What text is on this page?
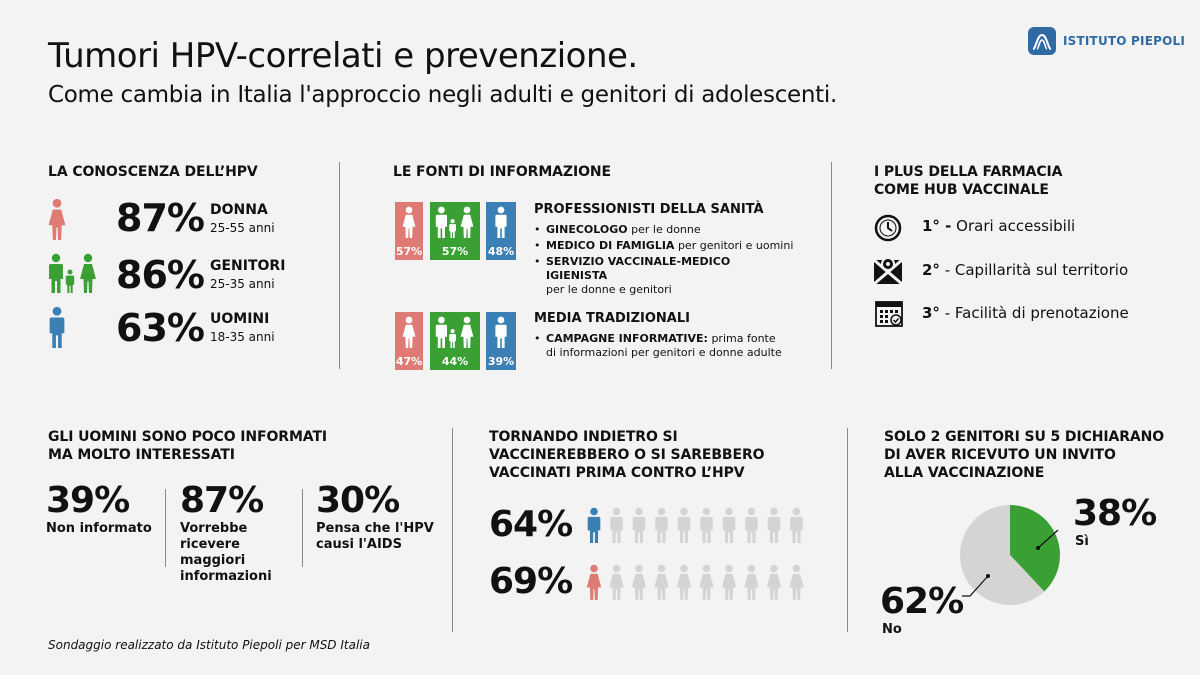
Tumori HPV-correlati e prevenzione.
Come cambia in Italia l'approccio negli adulti e genitori di adolescenti.
ISTITUTO PIEPOLI
LA CONOSCENZA DELL’HPV
87% DONNA
25-55 anni
86% GENITORI
25-35 anni
63% UOMINI
18-35 anni
LE FONTI DI INFORMAZIONE
57%	57%	48%
PROFESSIONISTI DELLA SANITÀ
• GINECOLOGO per le donne
• MEDICO DI FAMIGLIA per genitori e uomini
• SERVIZIO VACCINALE-MEDICO IGIENISTA
per le donne e genitori
47%	44%	39%
MEDIA TRADIZIONALI
• CAMPAGNE INFORMATIVE: prima fonte di informazioni per genitori e donne adulte
I PLUS DELLA FARMACIA
COME HUB VACCINALE
1° - Orari accessibili
2° - Capillarità sul territorio
3° - Facilità di prenotazione
GLI UOMINI SONO POCO INFORMATI
MA MOLTO INTERESSATI
39%
Non informato
87%
Vorrebbe ricevere maggiori informazioni
30%
Pensa che l'HPV causi l'AIDS
TORNANDO INDIETRO SI
VACCINEREBBERO O SI SAREBBERO
VACCINATI PRIMA CONTRO L’HPV
64%
69%
SOLO 2 GENITORI SU 5 DICHIARANO
DI AVER RICEVUTO UN INVITO
ALLA VACCINAZIONE
38%
Sì
62%
No
Sondaggio realizzato da Istituto Piepoli per MSD Italia
